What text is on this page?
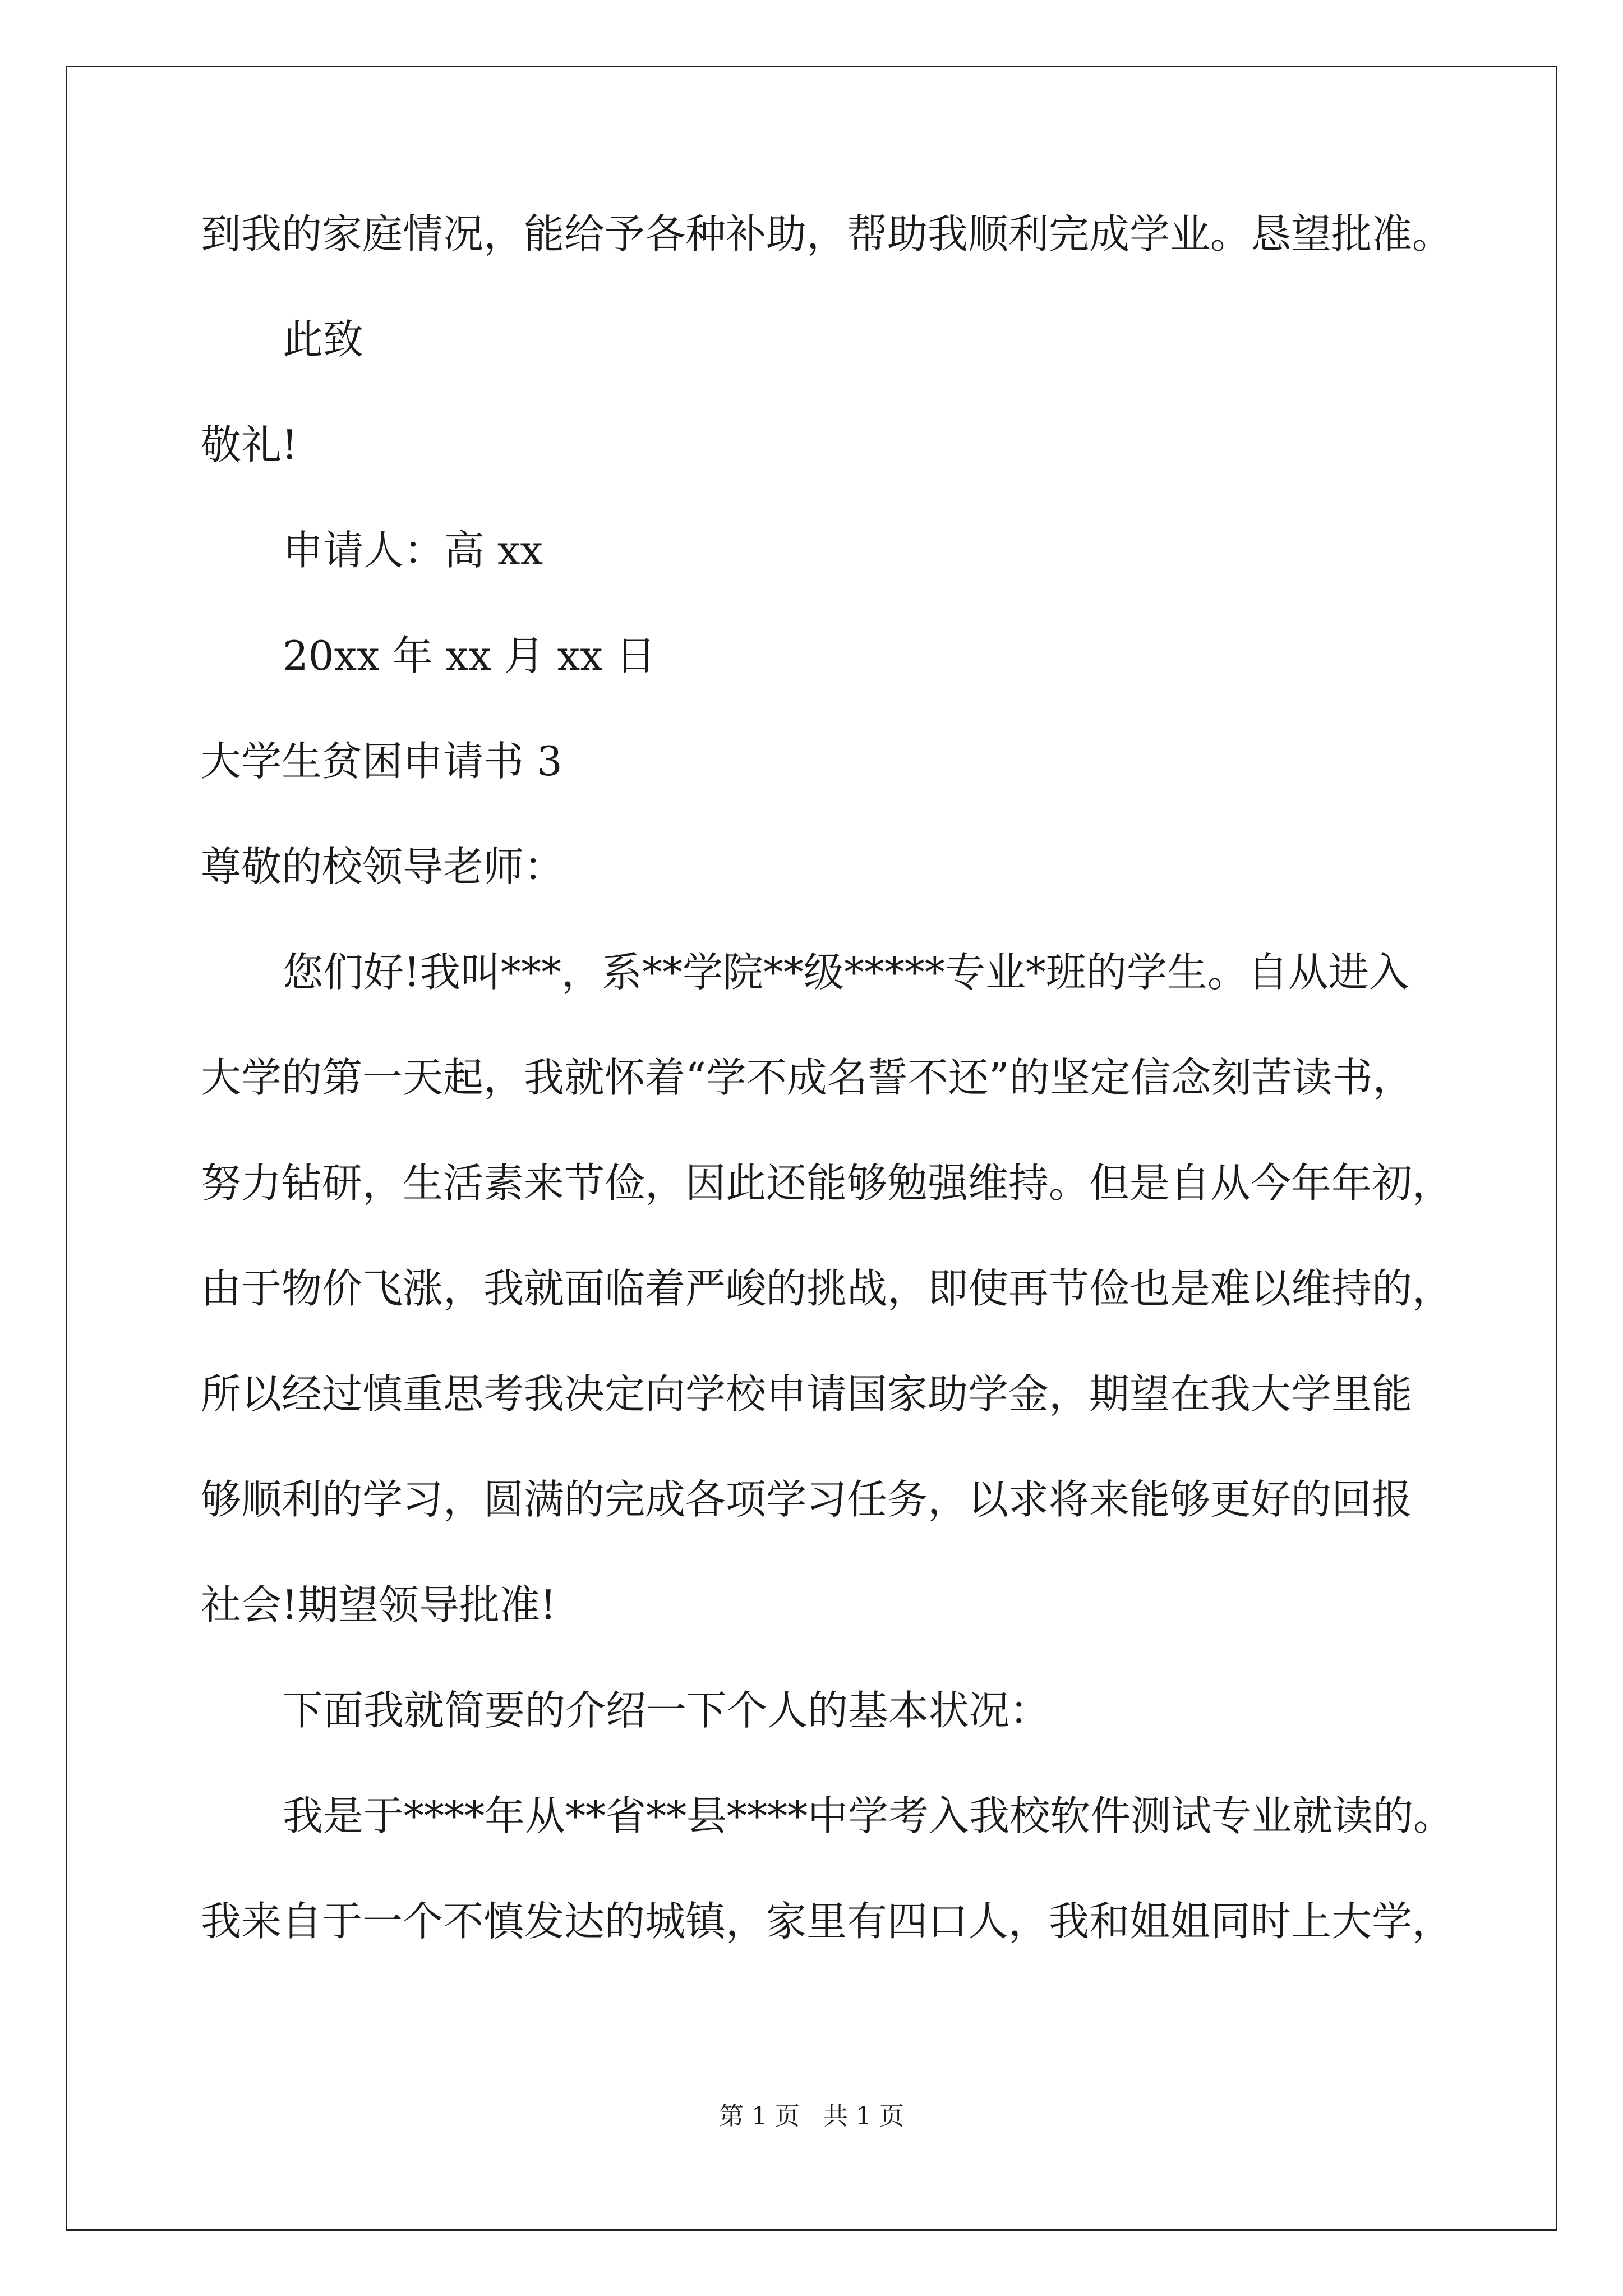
到我的家庭情况，能给予各种补助，帮助我顺利完成学业。恳望批准。
此致
敬礼!
申请人：高 xx
20xx 年 xx 月 xx 日
大学生贫困申请书 3
尊敬的校领导老师：
您们好!我叫***，系**学院**级*****专业*班的学生。自从进入
大学的第一天起，我就怀着“学不成名誓不还”的坚定信念刻苦读书，
努力钻研，生活素来节俭，因此还能够勉强维持。但是自从今年年初，
由于物价飞涨，我就面临着严峻的挑战，即使再节俭也是难以维持的，
所以经过慎重思考我决定向学校申请国家助学金，期望在我大学里能
够顺利的学习，圆满的完成各项学习任务，以求将来能够更好的回报
社会!期望领导批准!
下面我就简要的介绍一下个人的基本状况：
我是于****年从**省**县****中学考入我校软件测试专业就读的。
我来自于一个不慎发达的城镇，家里有四口人，我和姐姐同时上大学，
第 1 页   共 1 页
